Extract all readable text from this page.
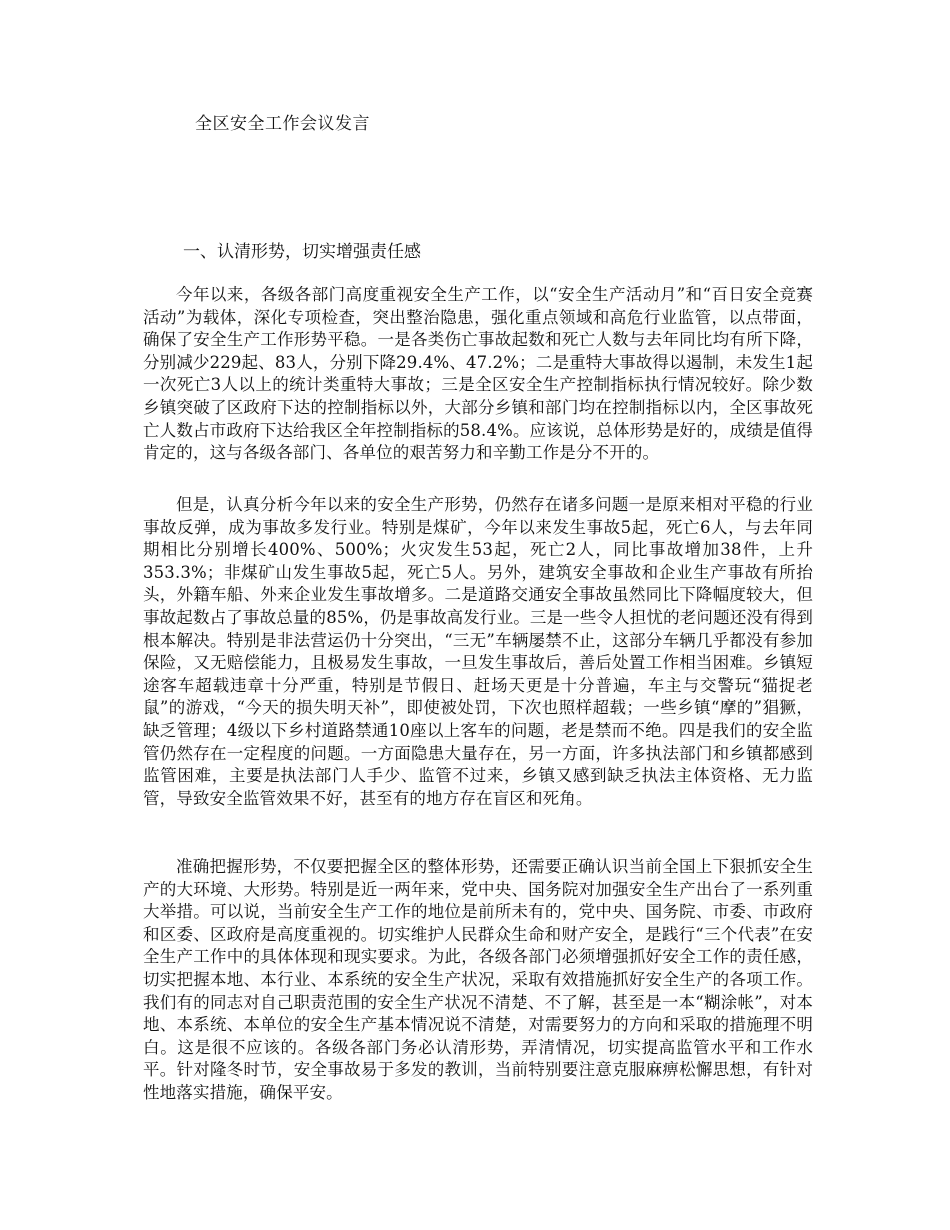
全区安全工作会议发言
一、认清形势，切实增强责任感

今年以来，各级各部门高度重视安全生产工作，以“安全生产活动月”和“百日安全竞赛活动”为载体，深化专项检查，突出整治隐患，强化重点领域和高危行业监管，以点带面，确保了安全生产工作形势平稳。一是各类伤亡事故起数和死亡人数与去年同比均有所下降，分别减少229起、83人，分别下降29.4%、47.2%；二是重特大事故得以遏制，未发生1起一次死亡3人以上的统计类重特大事故；三是全区安全生产控制指标执行情况较好。除少数乡镇突破了区政府下达的控制指标以外，大部分乡镇和部门均在控制指标以内，全区事故死亡人数占市政府下达给我区全年控制指标的58.4%。应该说，总体形势是好的，成绩是值得肯定的，这与各级各部门、各单位的艰苦努力和辛勤工作是分不开的。

但是，认真分析今年以来的安全生产形势，仍然存在诸多问题一是原来相对平稳的行业事故反弹，成为事故多发行业。特别是煤矿，今年以来发生事故5起，死亡6人，与去年同期相比分别增长400%、500%；火灾发生53起，死亡2人，同比事故增加38件，上升353.3%；非煤矿山发生事故5起，死亡5人。另外，建筑安全事故和企业生产事故有所抬头，外籍车船、外来企业发生事故增多。二是道路交通安全事故虽然同比下降幅度较大，但事故起数占了事故总量的85%，仍是事故高发行业。三是一些令人担忧的老问题还没有得到根本解决。特别是非法营运仍十分突出，“三无”车辆屡禁不止，这部分车辆几乎都没有参加保险，又无赔偿能力，且极易发生事故，一旦发生事故后，善后处置工作相当困难。乡镇短途客车超载违章十分严重，特别是节假日、赶场天更是十分普遍，车主与交警玩“猫捉老鼠”的游戏，“今天的损失明天补”，即使被处罚，下次也照样超载；一些乡镇“摩的”猖獗，缺乏管理；4级以下乡村道路禁通10座以上客车的问题，老是禁而不绝。四是我们的安全监管仍然存在一定程度的问题。一方面隐患大量存在，另一方面，许多执法部门和乡镇都感到监管困难，主要是执法部门人手少、监管不过来，乡镇又感到缺乏执法主体资格、无力监管，导致安全监管效果不好，甚至有的地方存在盲区和死角。

准确把握形势，不仅要把握全区的整体形势，还需要正确认识当前全国上下狠抓安全生产的大环境、大形势。特别是近一两年来，党中央、国务院对加强安全生产出台了一系列重大举措。可以说，当前安全生产工作的地位是前所未有的，党中央、国务院、市委、市政府和区委、区政府是高度重视的。切实维护人民群众生命和财产安全，是践行“三个代表”在安全生产工作中的具体体现和现实要求。为此，各级各部门必须增强抓好安全工作的责任感，切实把握本地、本行业、本系统的安全生产状况，采取有效措施抓好安全生产的各项工作。我们有的同志对自己职责范围的安全生产状况不清楚、不了解，甚至是一本“糊涂帐”，对本地、本系统、本单位的安全生产基本情况说不清楚，对需要努力的方向和采取的措施理不明白。这是很不应该的。各级各部门务必认清形势，弄清情况，切实提高监管水平和工作水平。针对隆冬时节，安全事故易于多发的教训，当前特别要注意克服麻痹松懈思想，有针对性地落实措施，确保平安。
